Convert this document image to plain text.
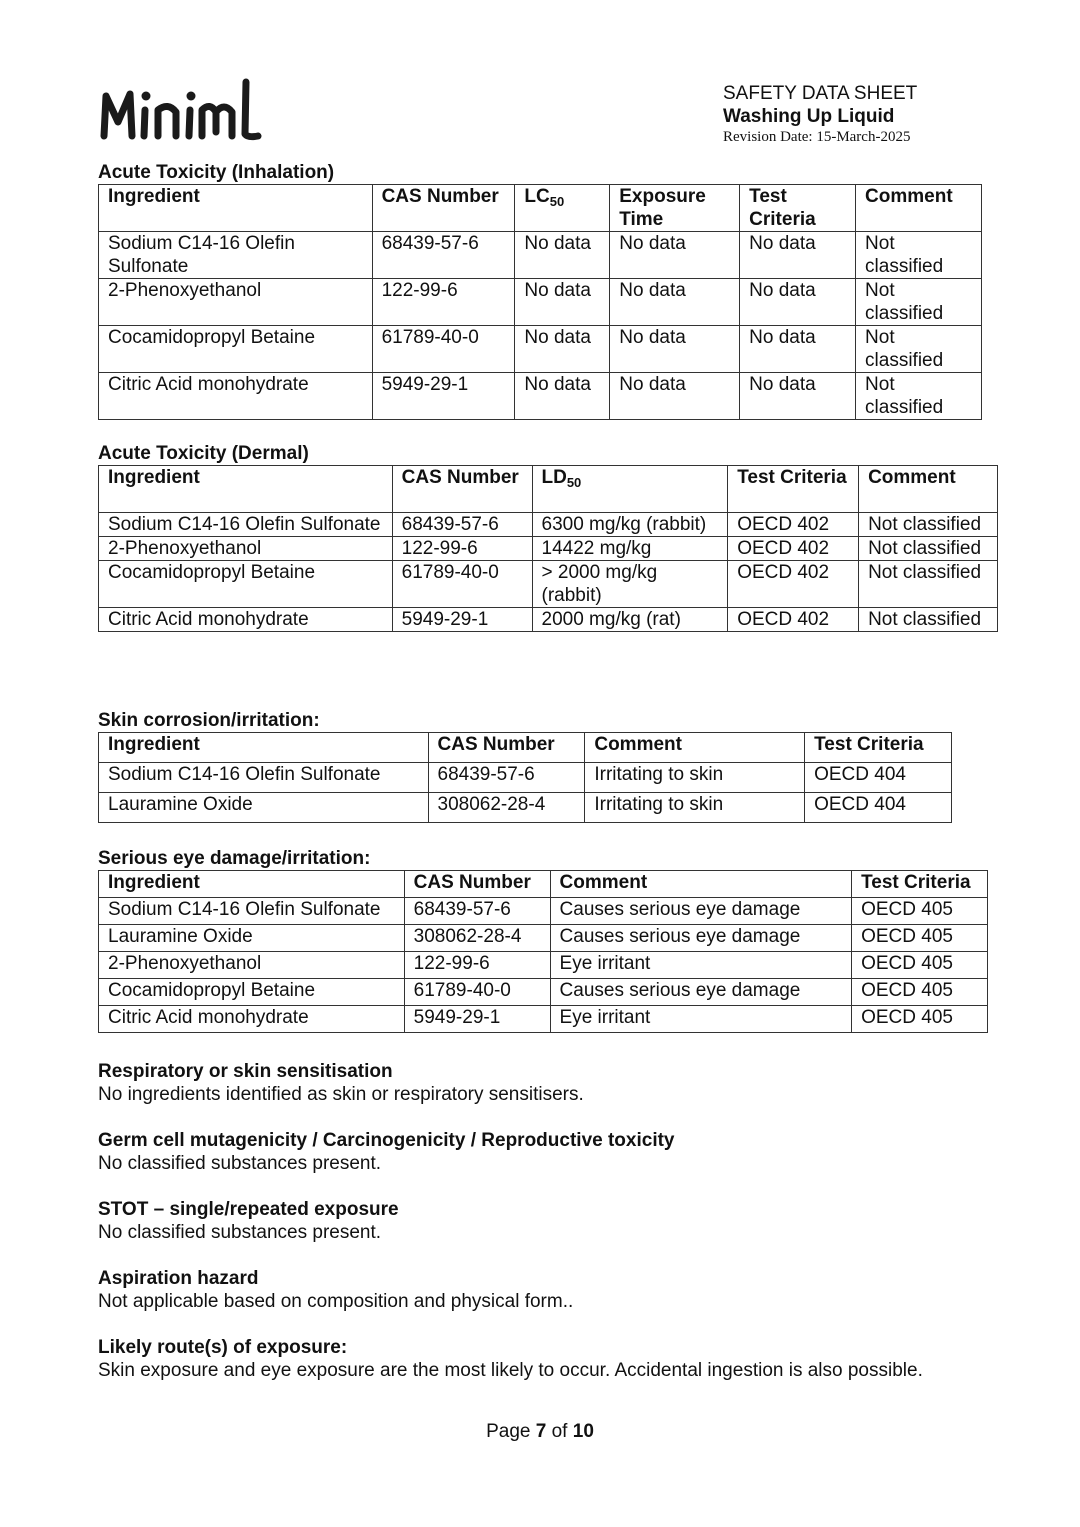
SAFETY DATA SHEET
Washing Up Liquid
Revision Date: 15-March-2025
Acute Toxicity (Inhalation)
Ingredient	CAS Number	$LC_{50}$	Exposure Time	Test Criteria	Comment
Sodium C14-16 Olefin Sulfonate	68439-57-6	No data	No data	No data	Not classified
2-Phenoxyethanol	122-99-6	No data	No data	No data	Not classified
Cocamidopropyl Betaine	61789-40-0	No data	No data	No data	Not classified
Citric Acid monohydrate	5949-29-1	No data	No data	No data	Not classified
Acute Toxicity (Dermal)
Ingredient	CAS Number	$LD_{50}$	Test Criteria	Comment
Sodium C14-16 Olefin Sulfonate	68439-57-6	6300 mg/kg (rabbit)	OECD 402	Not classified
2-Phenoxyethanol	122-99-6	14422 mg/kg	OECD 402	Not classified
Cocamidopropyl Betaine	61789-40-0	> 2000 mg/kg (rabbit)	OECD 402	Not classified
Citric Acid monohydrate	5949-29-1	2000 mg/kg (rat)	OECD 402	Not classified
Skin corrosion/irritation:
Ingredient	CAS Number	Comment	Test Criteria
Sodium C14-16 Olefin Sulfonate	68439-57-6	Irritating to skin	OECD 404
Lauramine Oxide	308062-28-4	Irritating to skin	OECD 404
Serious eye damage/irritation:
Ingredient	CAS Number	Comment	Test Criteria
Sodium C14-16 Olefin Sulfonate	68439-57-6	Causes serious eye damage	OECD 405
Lauramine Oxide	308062-28-4	Causes serious eye damage	OECD 405
2-Phenoxyethanol	122-99-6	Eye irritant	OECD 405
Cocamidopropyl Betaine	61789-40-0	Causes serious eye damage	OECD 405
Citric Acid monohydrate	5949-29-1	Eye irritant	OECD 405
Respiratory or skin sensitisation
No ingredients identified as skin or respiratory sensitisers.
Germ cell mutagenicity / Carcinogenicity / Reproductive toxicity
No classified substances present.
STOT – single/repeated exposure
No classified substances present.
Aspiration hazard
Not applicable based on composition and physical form..
Likely route(s) of exposure:
Skin exposure and eye exposure are the most likely to occur. Accidental ingestion is also possible.
Page 7 of 10
